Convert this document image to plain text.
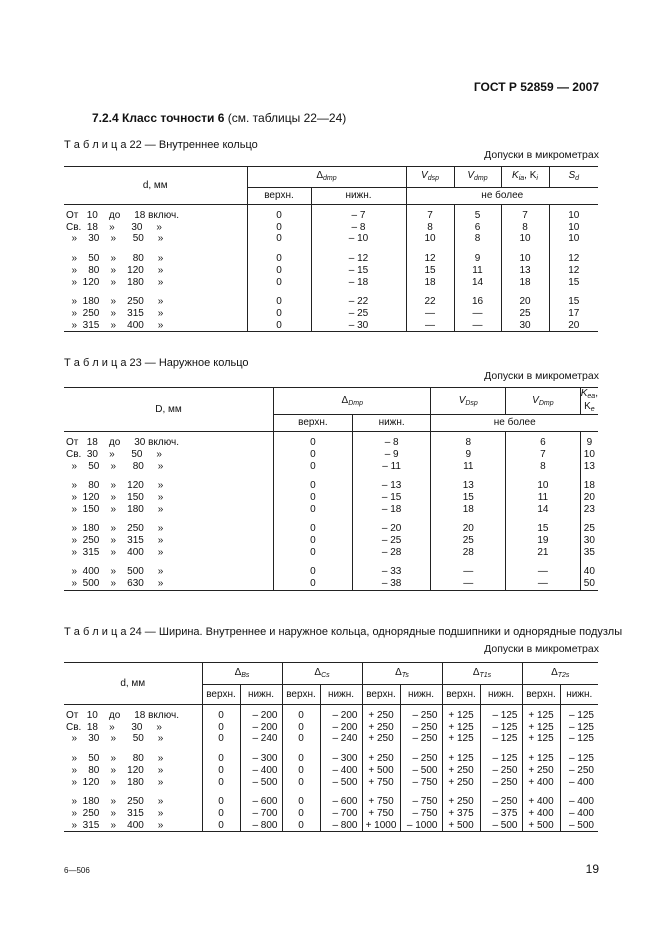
ГОСТ Р 52859 — 2007
7.2.4 Класс точности 6 (см. таблицы 22—24)
Т а б л и ц а 22 — Внутреннее кольцо
Допуски в микрометрах
d, мм	$\Delta_{dmp}$		$V_{dsp}$	$V_{dmp}$	$K_{ia}$, $K_i$	$S_d$
	верхн.	нижн.	не более			
От   10    до     18 включ.	0	– 7	7	5	7	10
Св.  18    »      30     »	0	– 8	8	6	8	10
»    30    »      50     »	0	– 10	10	8	10	10

»    50    »      80     »	0	– 12	12	9	10	12
»    80    »    120     »	0	– 15	15	11	13	12
»  120    »    180     »	0	– 18	18	14	18	15

»  180    »    250     »	0	– 22	22	16	20	15
»  250    »    315     »	0	– 25	—	—	25	17
»  315    »    400     »	0	– 30	—	—	30	20
Т а б л и ц а 23 — Наружное кольцо
Допуски в микрометрах
D, мм	$\Delta_{Dmp}$		$V_{Dsp}$	$V_{Dmp}$	$K_{ea}$, $K_e$
	верхн.	нижн.	не более		
От   18    до     30 включ.	0	– 8	8	6	9
Св.  30    »      50     »	0	– 9	9	7	10
»    50    »      80     »	0	– 11	11	8	13

»    80    »    120     »	0	– 13	13	10	18
»  120    »    150     »	0	– 15	15	11	20
»  150    »    180     »	0	– 18	18	14	23

»  180    »    250     »	0	– 20	20	15	25
»  250    »    315     »	0	– 25	25	19	30
»  315    »    400     »	0	– 28	28	21	35

»  400    »    500     »	0	– 33	—	—	40
»  500    »    630     »	0	– 38	—	—	50
Т а б л и ц а 24 — Ширина. Внутреннее и наружное кольца, однорядные подшипники и однорядные подузлы
Допуски в микрометрах
d, мм	$\Delta_{Bs}$		$\Delta_{Cs}$		$\Delta_{Ts}$		$\Delta_{T1s}$		$\Delta_{T2s}$
	верхн.	нижн.	верхн.	нижн.	верхн.	нижн.	верхн.	нижн.	верхн.	нижн.
От   10    до     18 включ.	0	– 200	0	– 200	+ 250	– 250	+ 125	– 125	+ 125	– 125
Св.  18    »      30     »	0	– 200	0	– 200	+ 250	– 250	+ 125	– 125	+ 125	– 125
»    30    »      50     »	0	– 240	0	– 240	+ 250	– 250	+ 125	– 125	+ 125	– 125

»    50    »      80     »	0	– 300	0	– 300	+ 250	– 250	+ 125	– 125	+ 125	– 125
»    80    »    120     »	0	– 400	0	– 400	+ 500	– 500	+ 250	– 250	+ 250	– 250
»  120    »    180     »	0	– 500	0	– 500	+ 750	– 750	+ 250	– 250	+ 400	– 400

»  180    »    250     »	0	– 600	0	– 600	+ 750	– 750	+ 250	– 250	+ 400	– 400
»  250    »    315     »	0	– 700	0	– 700	+ 750	– 750	+ 375	– 375	+ 400	– 400
»  315    »    400     »	0	– 800	0	– 800	+ 1000	– 1000	+ 500	– 500	+ 500	– 500
6—506	19
